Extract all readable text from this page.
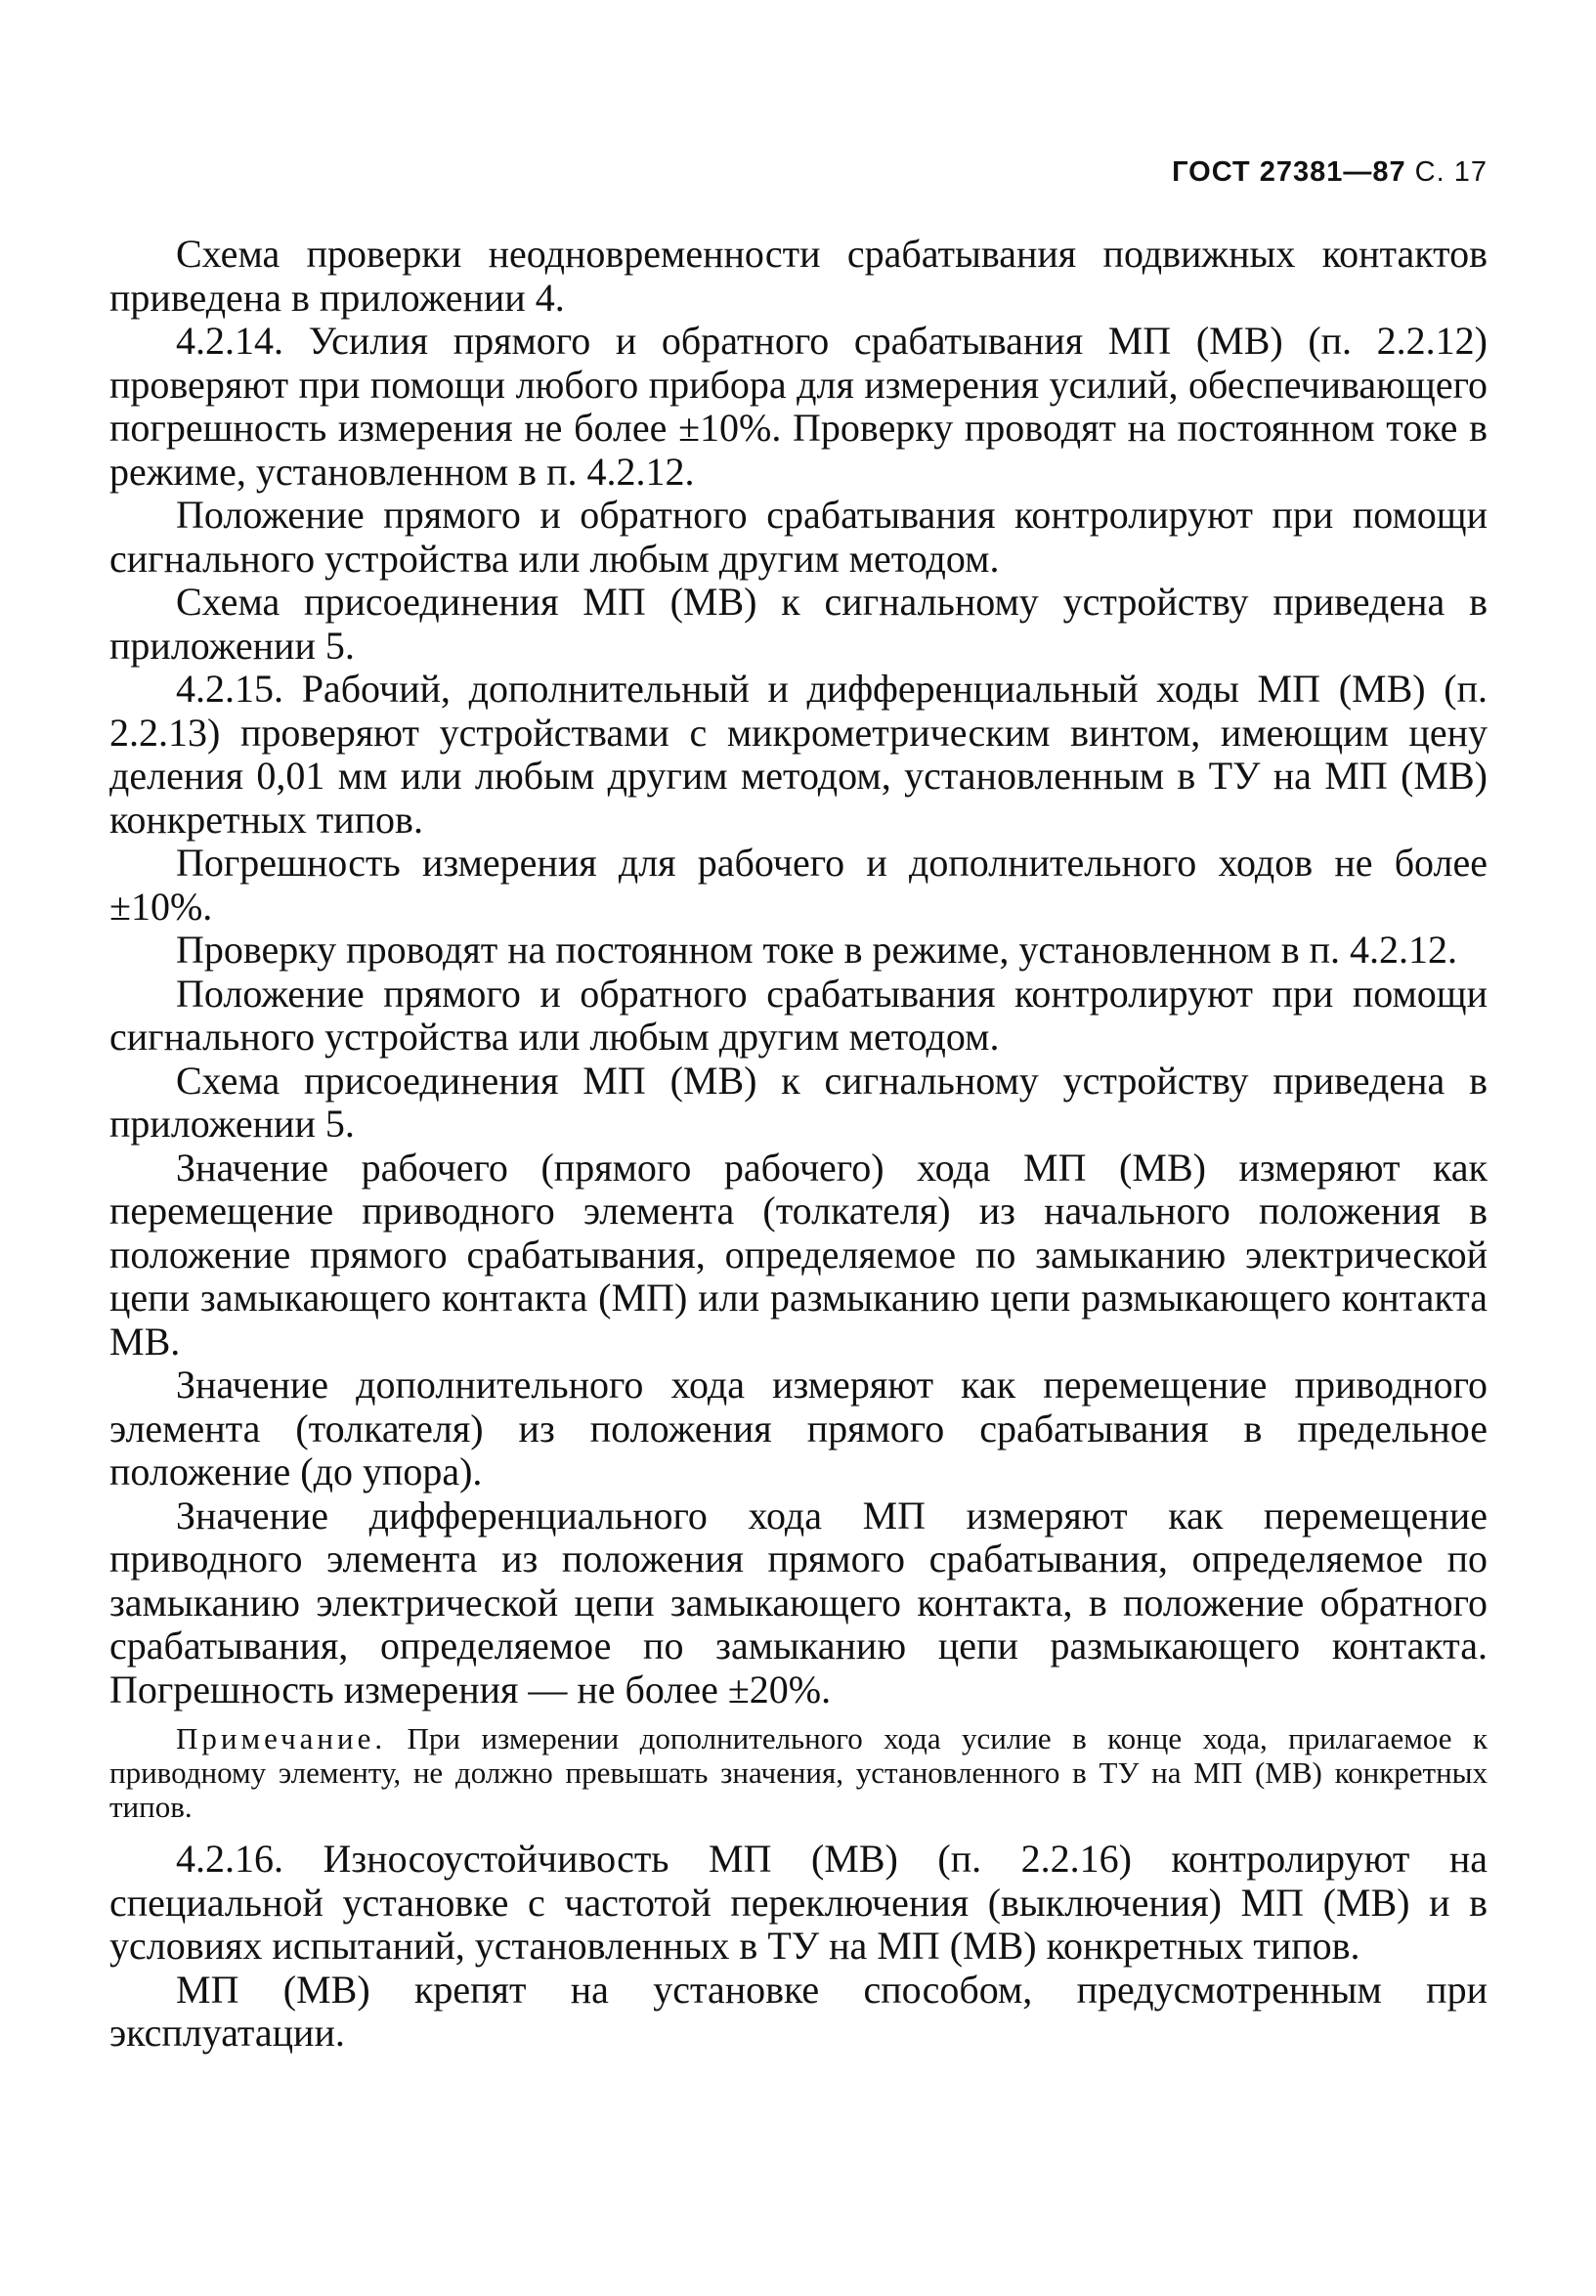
ГОСТ 27381—87 С. 17

Схема проверки неодновременности срабатывания подвижных контактов приведена в приложении 4.

4.2.14. Усилия прямого и обратного срабатывания МП (МВ) (п. 2.2.12) проверяют при помощи любого прибора для измерения усилий, обеспечивающего погрешность измерения не более ±10%. Проверку проводят на постоянном токе в режиме, установленном в п. 4.2.12.

Положение прямого и обратного срабатывания контролируют при помощи сигнального устройства или любым другим методом.

Схема присоединения МП (МВ) к сигнальному устройству приведена в приложении 5.

4.2.15. Рабочий, дополнительный и дифференциальный ходы МП (МВ) (п. 2.2.13) проверяют устройствами с микрометрическим винтом, имеющим цену деления 0,01 мм или любым другим методом, установленным в ТУ на МП (МВ) конкретных типов.

Погрешность измерения для рабочего и дополнительного ходов не более ±10%.

Проверку проводят на постоянном токе в режиме, установленном в п. 4.2.12.

Положение прямого и обратного срабатывания контролируют при помощи сигнального устройства или любым другим методом.

Схема присоединения МП (МВ) к сигнальному устройству приведена в приложении 5.

Значение рабочего (прямого рабочего) хода МП (МВ) измеряют как перемещение приводного элемента (толкателя) из начального положения в положение прямого срабатывания, определяемое по замыканию электрической цепи замыкающего контакта (МП) или размыканию цепи размыкающего контакта МВ.

Значение дополнительного хода измеряют как перемещение приводного элемента (толкателя) из положения прямого срабатывания в предельное положение (до упора).

Значение дифференциального хода МП измеряют как перемещение приводного элемента из положения прямого срабатывания, определяемое по замыканию электрической цепи замыкающего контакта, в положение обратного срабатывания, определяемое по замыканию цепи размыкающего контакта. Погрешность измерения — не более ±20%.

Примечание. При измерении дополнительного хода усилие в конце хода, прилагаемое к приводному элементу, не должно превышать значения, установленного в ТУ на МП (МВ) конкретных типов.

4.2.16. Износоустойчивость МП (МВ) (п. 2.2.16) контролируют на специальной установке с частотой переключения (выключения) МП (МВ) и в условиях испытаний, установленных в ТУ на МП (МВ) конкретных типов.

МП (МВ) крепят на установке способом, предусмотренным при эксплуатации.
